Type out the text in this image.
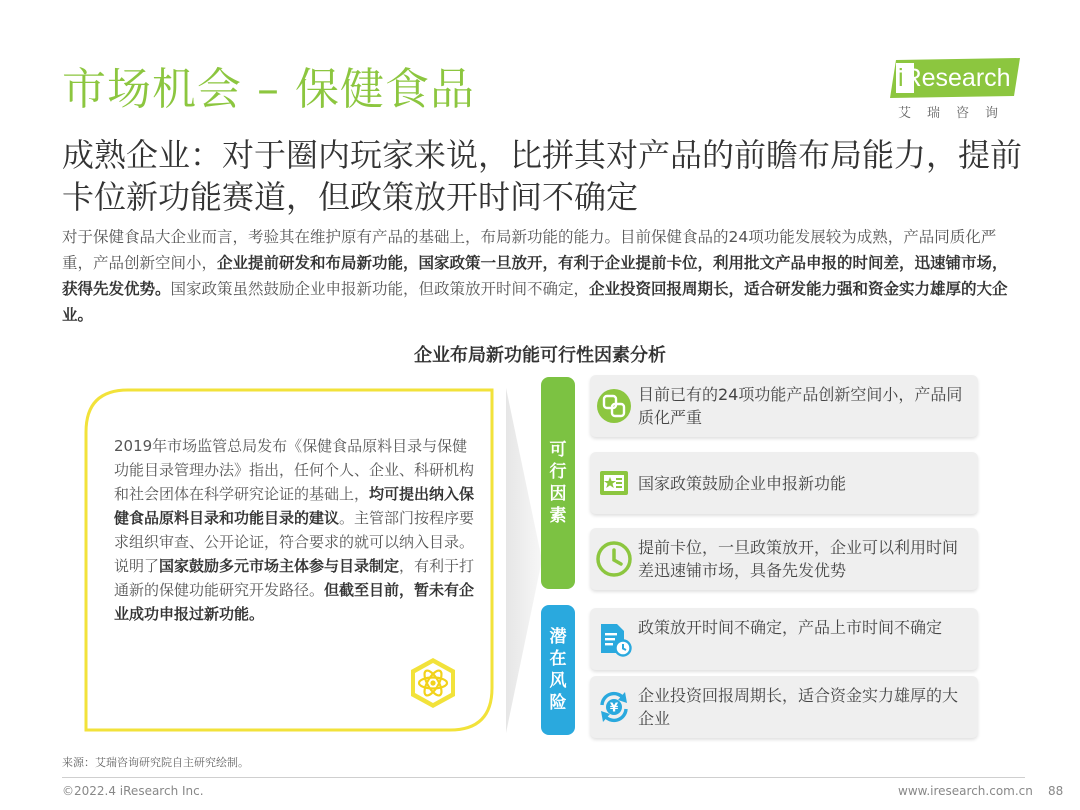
市场机会 – 保健食品	iResearch
艾瑞咨询
成熟企业：对于圈内玩家来说，比拼其对产品的前瞻布局能力，提前卡位新功能赛道，但政策放开时间不确定
对于保健食品大企业而言，考验其在维护原有产品的基础上，布局新功能的能力。目前保健食品的24项功能发展较为成熟，产品同质化严重，产品创新空间小，企业提前研发和布局新功能，国家政策一旦放开，有利于企业提前卡位，利用批文产品申报的时间差，迅速铺市场，获得先发优势。国家政策虽然鼓励企业申报新功能，但政策放开时间不确定，企业投资回报周期长，适合研发能力强和资金实力雄厚的大企业。
企业布局新功能可行性因素分析
2019年市场监管总局发布《保健食品原料目录与保健功能目录管理办法》指出，任何个人、企业、科研机构和社会团体在科学研究论证的基础上，均可提出纳入保健食品原料目录和功能目录的建议。主管部门按程序要求组织审查、公开论证，符合要求的就可以纳入目录。说明了国家鼓励多元市场主体参与目录制定，有利于打通新的保健功能研究开发路径。但截至目前，暂未有企业成功申报过新功能。
可
行
因
素
潜
在
风
险
目前已有的24项功能产品创新空间小，产品同质化严重
国家政策鼓励企业申报新功能
提前卡位，一旦政策放开，企业可以利用时间差迅速铺市场，具备先发优势
政策放开时间不确定，产品上市时间不确定
¥
企业投资回报周期长，适合资金实力雄厚的大企业
来源：艾瑞咨询研究院自主研究绘制。
©2022.4 iResearch Inc.	www.iresearch.com.cn 88
